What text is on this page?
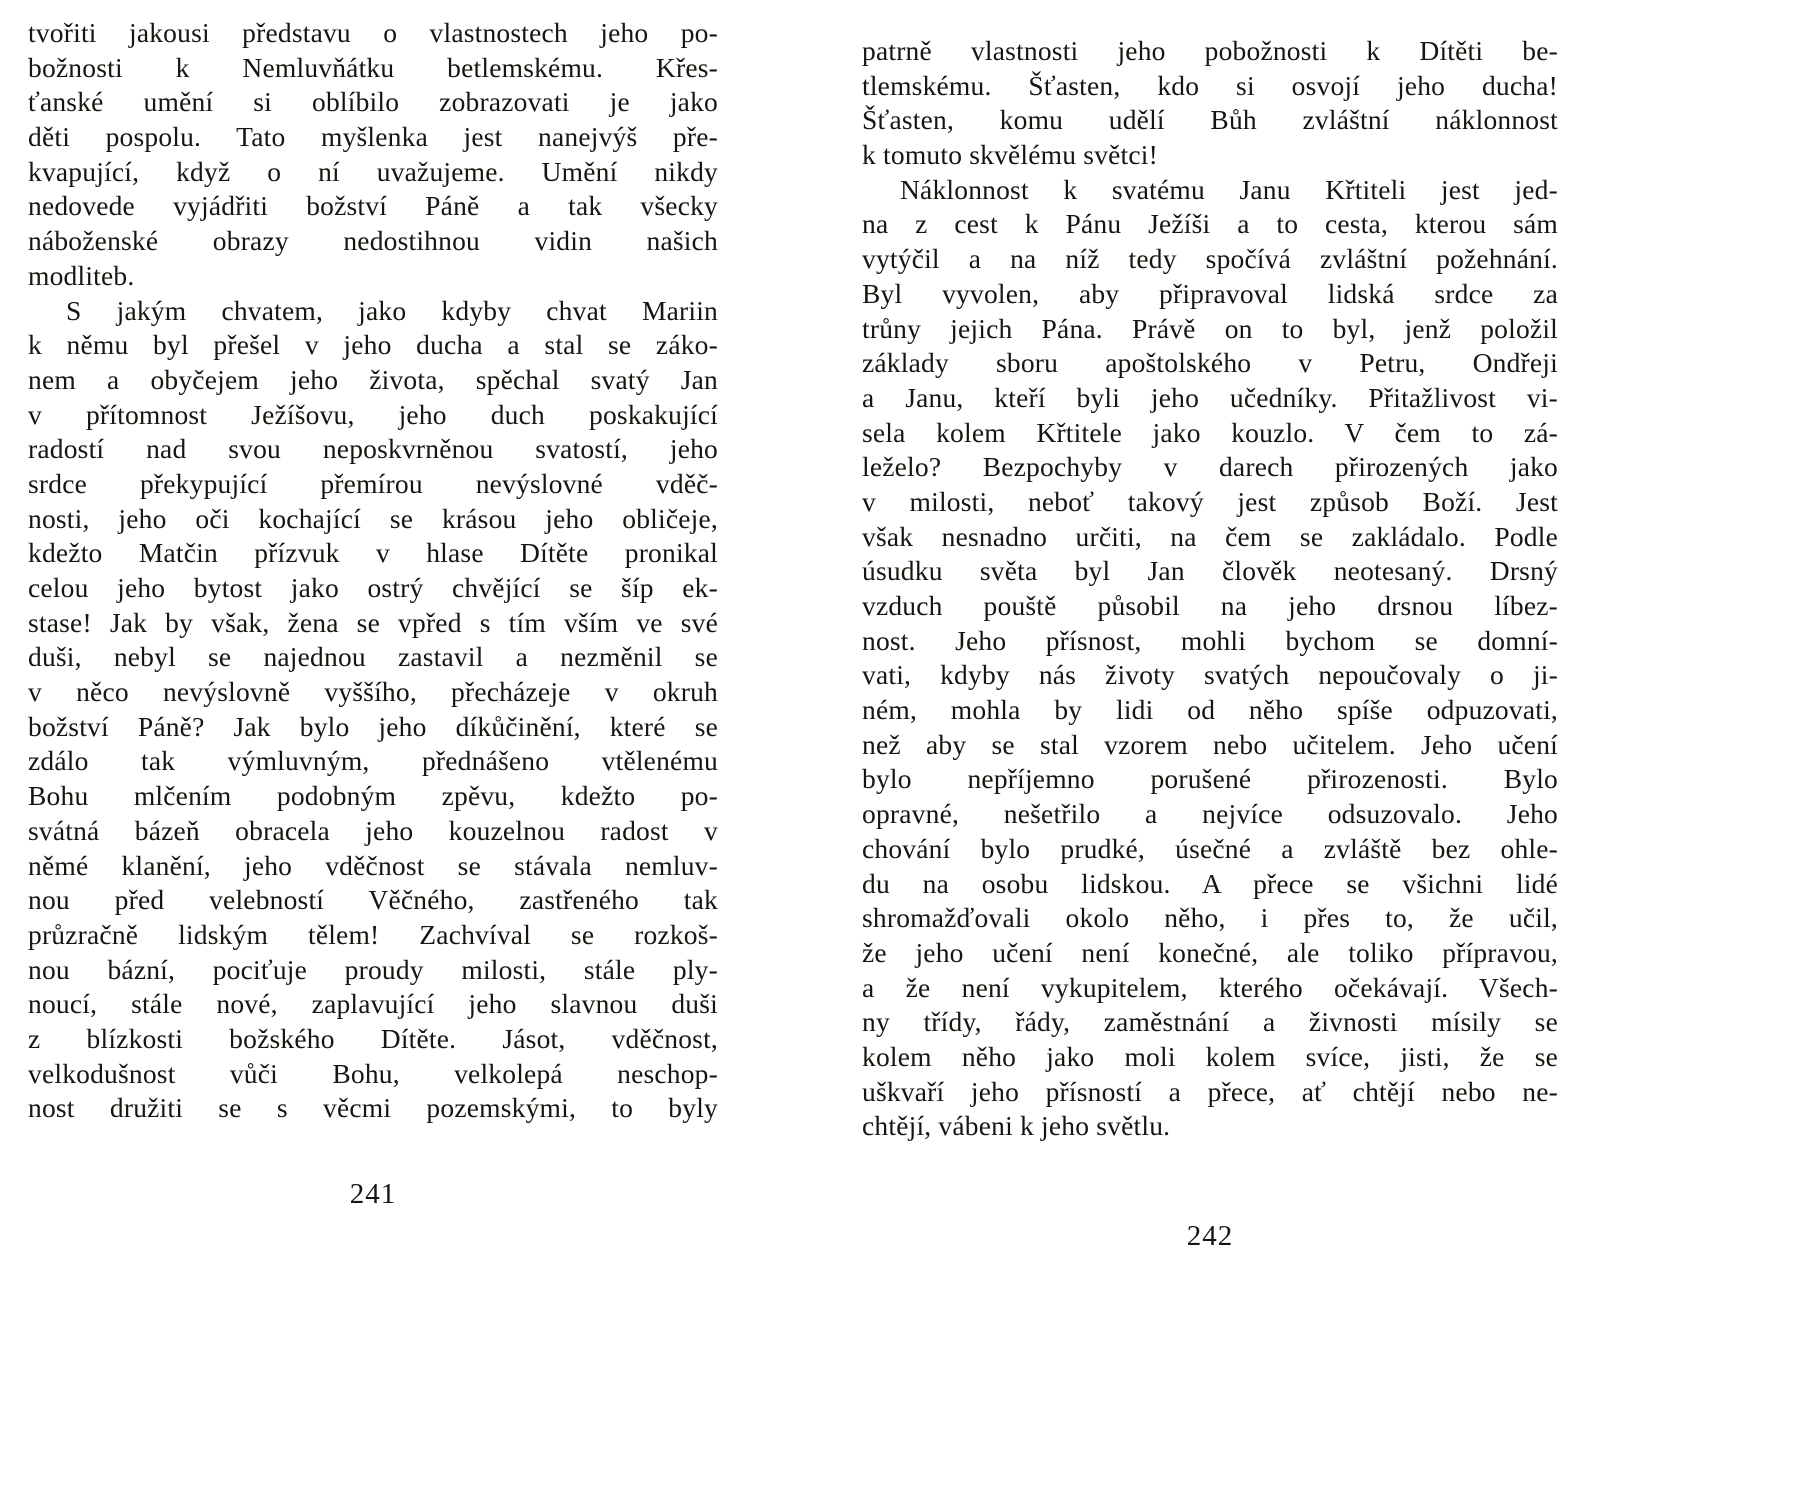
tvořiti jakousi představu o vlastnostech jeho po-
božnosti k Nemluvňátku betlemskému. Křes-
ťanské umění si oblíbilo zobrazovati je jako
děti pospolu. Tato myšlenka jest nanejvýš pře-
kvapující, když o ní uvažujeme. Umění nikdy
nedovede vyjádřiti božství Páně a tak všecky
náboženské obrazy nedostihnou vidin našich
modliteb.
S jakým chvatem, jako kdyby chvat Mariin
k němu byl přešel v jeho ducha a stal se záko-
nem a obyčejem jeho života, spěchal svatý Jan
v přítomnost Ježíšovu, jeho duch poskakující
radostí nad svou neposkvrněnou svatostí, jeho
srdce překypující přemírou nevýslovné vděč-
nosti, jeho oči kochající se krásou jeho obličeje,
kdežto Matčin přízvuk v hlase Dítěte pronikal
celou jeho bytost jako ostrý chvějící se šíp ek-
stase! Jak by však, žena se vpřed s tím vším ve své
duši, nebyl se najednou zastavil a nezměnil se
v něco nevýslovně vyššího, přecházeje v okruh
božství Páně? Jak bylo jeho díkůčinění, které se
zdálo tak výmluvným, přednášeno vtělenému
Bohu mlčením podobným zpěvu, kdežto po-
svátná bázeň obracela jeho kouzelnou radost v
němé klanění, jeho vděčnost se stávala nemluv-
nou před velebností Věčného, zastřeného tak
průzračně lidským tělem! Zachvíval se rozkoš-
nou bázní, pociťuje proudy milosti, stále ply-
noucí, stále nové, zaplavující jeho slavnou duši
z blízkosti božského Dítěte. Jásot, vděčnost,
velkodušnost vůči Bohu, velkolepá neschop-
nost družiti se s věcmi pozemskými, to byly
241
patrně vlastnosti jeho pobožnosti k Dítěti be-
tlemskému. Šťasten, kdo si osvojí jeho ducha!
Šťasten, komu udělí Bůh zvláštní náklonnost
k tomuto skvělému světci!
Náklonnost k svatému Janu Křtiteli jest jed-
na z cest k Pánu Ježíši a to cesta, kterou sám
vytýčil a na níž tedy spočívá zvláštní požehnání.
Byl vyvolen, aby připravoval lidská srdce za
trůny jejich Pána. Právě on to byl, jenž položil
základy sboru apoštolského v Petru, Ondřeji
a Janu, kteří byli jeho učedníky. Přitažlivost vi-
sela kolem Křtitele jako kouzlo. V čem to zá-
leželo? Bezpochyby v darech přirozených jako
v milosti, neboť takový jest způsob Boží. Jest
však nesnadno určiti, na čem se zakládalo. Podle
úsudku světa byl Jan člověk neotesaný. Drsný
vzduch pouště působil na jeho drsnou líbez-
nost. Jeho přísnost, mohli bychom se domní-
vati, kdyby nás životy svatých nepoučovaly o ji-
ném, mohla by lidi od něho spíše odpuzovati,
než aby se stal vzorem nebo učitelem. Jeho učení
bylo nepříjemno porušené přirozenosti. Bylo
opravné, nešetřilo a nejvíce odsuzovalo. Jeho
chování bylo prudké, úsečné a zvláště bez ohle-
du na osobu lidskou. A přece se všichni lidé
shromažďovali okolo něho, i přes to, že učil,
že jeho učení není konečné, ale toliko přípravou,
a že není vykupitelem, kterého očekávají. Všech-
ny třídy, řády, zaměstnání a živnosti mísily se
kolem něho jako moli kolem svíce, jisti, že se
uškvaří jeho přísností a přece, ať chtějí nebo ne-
chtějí, vábeni k jeho světlu.
242
